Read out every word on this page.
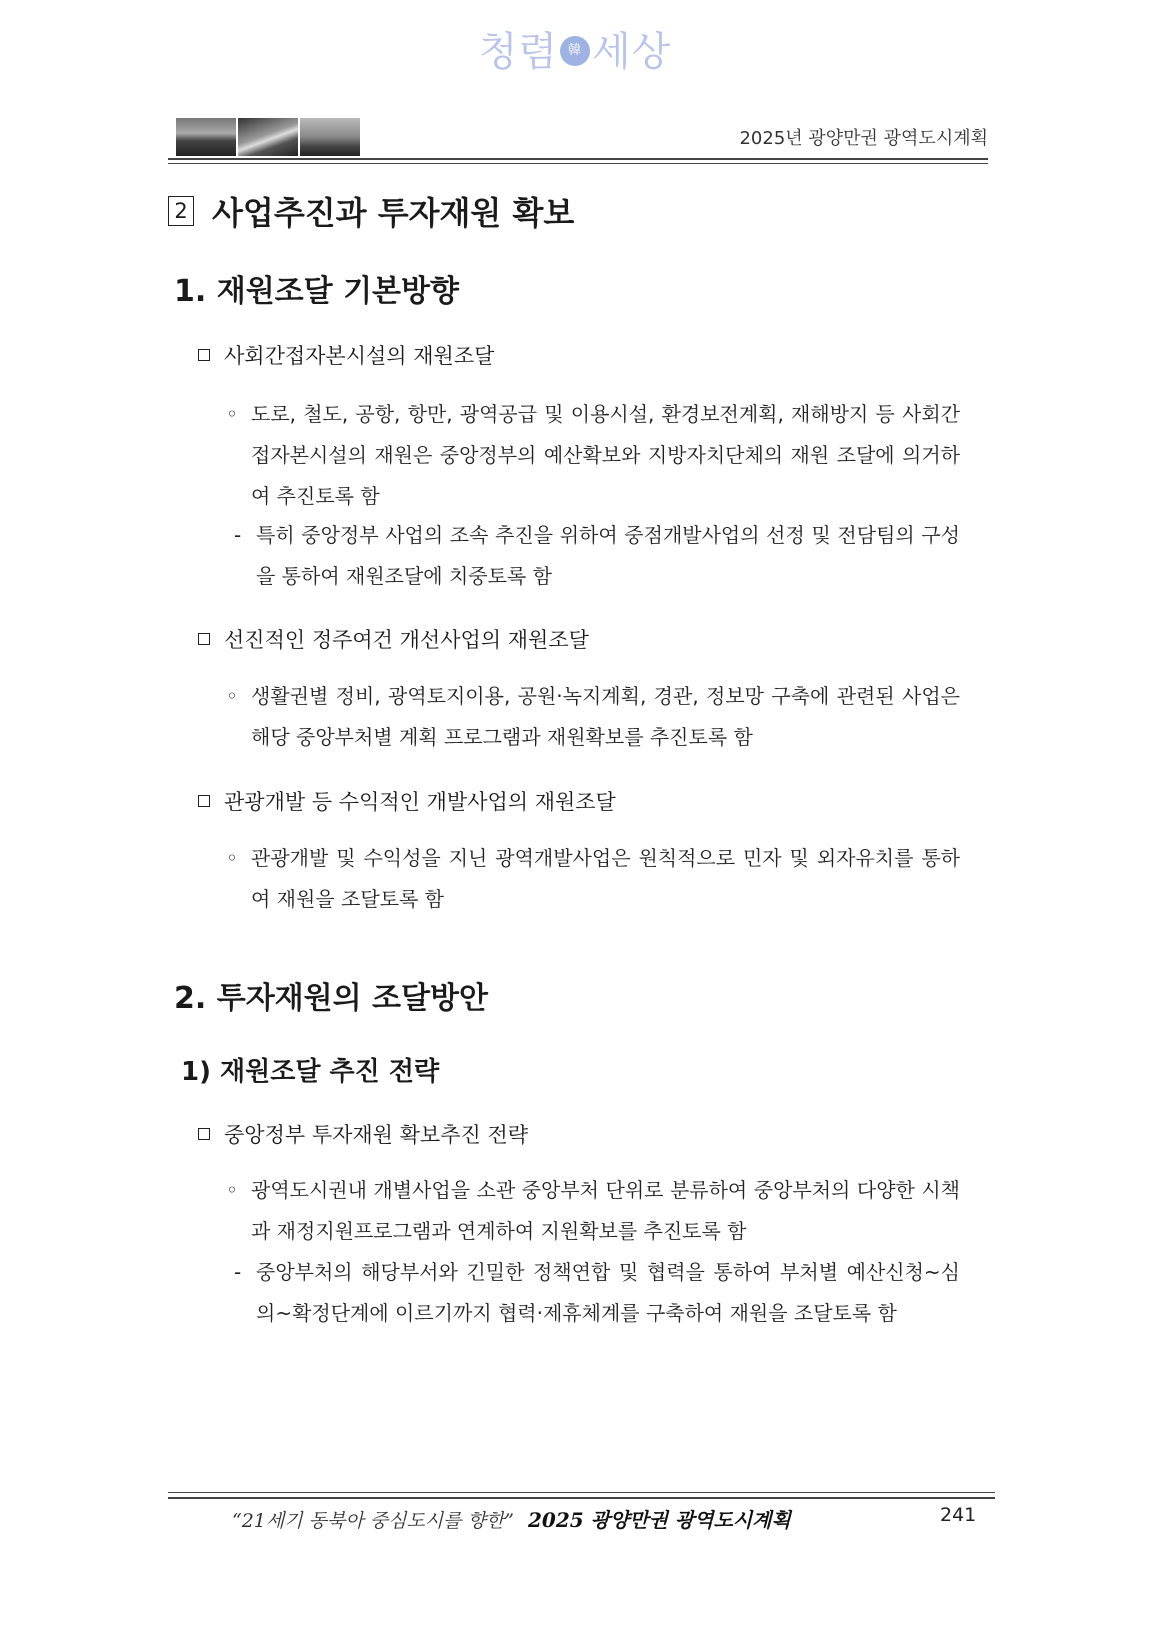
청렴 韓 세상
2025년 광양만권 광역도시계획
2 사업추진과 투자재원 확보
1. 재원조달 기본방향
사회간접자본시설의 재원조달
◦ 도로, 철도, 공항, 항만, 광역공급 및 이용시설, 환경보전계획, 재해방지 등 사회간접자본시설의 재원은 중앙정부의 예산확보와 지방자치단체의 재원 조달에 의거하여 추진토록 함
- 특히 중앙정부 사업의 조속 추진을 위하여 중점개발사업의 선정 및 전담팀의 구성을 통하여 재원조달에 치중토록 함
선진적인 정주여건 개선사업의 재원조달
◦ 생활권별 정비, 광역토지이용, 공원·녹지계획, 경관, 정보망 구축에 관련된 사업은 해당 중앙부처별 계획 프로그램과 재원확보를 추진토록 함
관광개발 등 수익적인 개발사업의 재원조달
◦ 관광개발 및 수익성을 지닌 광역개발사업은 원칙적으로 민자 및 외자유치를 통하여 재원을 조달토록 함
2. 투자재원의 조달방안
1) 재원조달 추진 전략
중앙정부 투자재원 확보추진 전략
◦ 광역도시권내 개별사업을 소관 중앙부처 단위로 분류하여 중앙부처의 다양한 시책과 재정지원프로그램과 연계하여 지원확보를 추진토록 함
- 중앙부처의 해당부서와 긴밀한 정책연합 및 협력을 통하여 부처별 예산신청~심의~확정단계에 이르기까지 협력·제휴체계를 구축하여 재원을 조달토록 함
“21세기 동북아 중심도시를 향한” 2025 광양만권 광역도시계획	241
